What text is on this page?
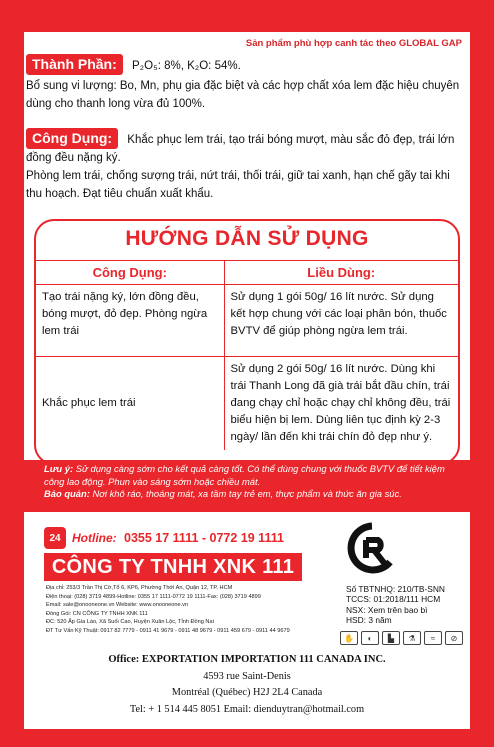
Sản phẩm phù hợp canh tác theo GLOBAL GAP
Thành Phần: P₂O₅: 8%, K₂O: 54%.
Bổ sung vi lượng: Bo, Mn, phụ gia đặc biệt và các hợp chất xóa lem đặc hiệu chuyên dùng cho thanh long vừa đủ 100%.
Công Dụng: Khắc phục lem trái, tạo trái bóng mượt, màu sắc đỏ đẹp, trái lớn đồng đều nặng ký.
Phòng lem trái, chống sượng trái, nứt trái, thối trái, giữ tai xanh, hạn chế gãy tai khi thu hoạch. Đạt tiêu chuẩn xuất khẩu.
HƯỚNG DẪN SỬ DỤNG
Công Dụng:	Liều Dùng:
Tạo trái nặng ký, lớn đồng đều, bóng mượt, đỏ đẹp. Phòng ngừa lem trái	Sử dụng 1 gói 50g/ 16 lít nước. Sử dụng kết hợp chung với các loại phân bón, thuốc BVTV để giúp phòng ngừa lem trái.
Khắc phục lem trái	Sử dụng 2 gói 50g/ 16 lít nước. Dùng khi trái Thanh Long đã già trái bắt đầu chín, trái đang chạy chỉ hoặc chạy chỉ không đều, trái biểu hiện bị lem. Dùng liên tục định kỳ 2-3 ngày/ lần đến khi trái chín đỏ đẹp như ý.
Lưu ý: Sử dụng càng sớm cho kết quả càng tốt. Có thể dùng chung với thuốc BVTV để tiết kiệm công lao động. Phun vào sáng sớm hoặc chiều mát.
Bảo quản: Nơi khô ráo, thoáng mát, xa tầm tay trẻ em, thực phẩm và thức ăn gia súc.
24 Hotline: 0355 17 1111 - 0772 19 1111
CÔNG TY TNHH XNK 111
Địa chỉ: 253/3 Trần Thị Cờ,Tổ 6, KP6, Phường Thới An, Quận 12, TP. HCM
Điện thoại: (028) 3719 4899-Hotline: 0355 17 1111-0772 19 1111-Fax: (028) 3719 4899
Email: sale@onooneone.vn Website: www.onooneone.vn
Đóng Gói: CN CÔNG TY TNHH XNK 111
ĐC: 520 Ấp Gia Lào, Xã Suối Cao, Huyện Xuân Lộc, Tỉnh Đồng Nai
ĐT Tư Vấn Kỹ Thuật: 0917 82 7779 - 0911 41 9679 - 0911 48 9679 - 0911 459 679 - 0911 44 9679
Số TBTNHQ: 210/TB-SNN
TCCS: 01:2018/111 HCM
NSX: Xem trên bao bì
HSD: 3 năm
✋	◐	▙	⚗	≈	⊘
Office: EXPORTATION IMPORTATION 111 CANADA INC.
4593 rue Saint-Denis
Montréal (Québec) H2J 2L4 Canada
Tel: + 1 514 445 8051 Email: dienduytran@hotmail.com
